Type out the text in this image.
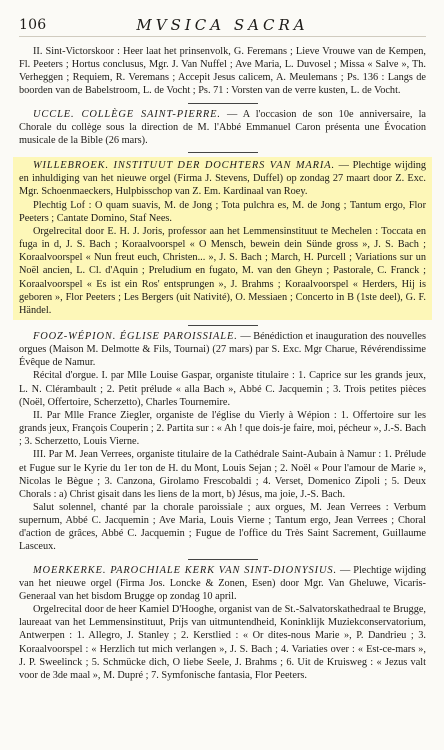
106	MVSICA SACRA

II. Sint-Victorskoor : Heer laat het prinsenvolk, G. Feremans ; Lieve Vrouwe van de Kempen, Fl. Peeters ; Hortus conclusus, Mgr. J. Van Nuffel ; Ave Maria, L. Duvosel ; Missa « Salve », Th. Verheggen ; Requiem, R. Veremans ; Accepit Jesus calicem, A. Meulemans ; Ps. 136 : Langs de boorden van de Babelstroom, L. de Vocht ; Ps. 71 : Vorsten van de verre kusten, L. de Vocht.

UCCLE. COLLÈGE SAINT-PIERRE. — A l'occasion de son 10e anniversaire, la Chorale du collège sous la direction de M. l'Abbé Emmanuel Caron présenta une Évocation musicale de la Bible (26 mars).

WILLEBROEK. INSTITUUT DER DOCHTERS VAN MARIA. — Plechtige wijding en inhuldiging van het nieuwe orgel (Firma J. Stevens, Duffel) op zondag 27 maart door Z. Exc. Mgr. Schoenmaeckers, Hulpbisschop van Z. Em. Kardinaal van Roey.

Plechtig Lof : O quam suavis, M. de Jong ; Tota pulchra es, M. de Jong ; Tantum ergo, Flor Peeters ; Cantate Domino, Staf Nees.

Orgelrecital door E. H. J. Joris, professor aan het Lemmensinstituut te Mechelen : Toccata en fuga in d, J. S. Bach ; Koraalvoorspel « O Mensch, bewein dein Sünde gross », J. S. Bach ; Koraalvoorspel « Nun freut euch, Christen... », J. S. Bach ; March, H. Purcell ; Variations sur un Noël ancien, L. Cl. d'Aquin ; Preludium en fugato, M. van den Gheyn ; Pastorale, C. Franck ; Koraalvoorspel « Es ist ein Ros' entsprungen », J. Brahms ; Koraalvoorspel « Herders, Hij is geboren », Flor Peeters ; Les Bergers (uit Nativité), O. Messiaen ; Concerto in B (1ste deel), G. F. Händel.

FOOZ-WÉPION. ÉGLISE PAROISSIALE. — Bénédiction et inauguration des nouvelles orgues (Maison M. Delmotte & Fils, Tournai) (27 mars) par S. Exc. Mgr Charue, Révérendissime Évêque de Namur.

Récital d'orgue. I. par Mlle Louise Gaspar, organiste titulaire : 1. Caprice sur les grands jeux, L. N. Clérambault ; 2. Petit prélude « alla Bach », Abbé C. Jacquemin ; 3. Trois petites pièces (Noël, Offertoire, Scherzetto), Charles Tournemire.

II. Par Mlle France Ziegler, organiste de l'église du Vierly à Wépion : 1. Offertoire sur les grands jeux, François Couperin ; 2. Partita sur : « Ah ! que dois-je faire, moi, pécheur », J.-S. Bach ; 3. Scherzetto, Louis Vierne.

III. Par M. Jean Verrees, organiste titulaire de la Cathédrale Saint-Aubain à Namur : 1. Prélude et Fugue sur le Kyrie du 1er ton de H. du Mont, Louis Sejan ; 2. Noël « Pour l'amour de Marie », Nicolas le Bègue ; 3. Canzona, Girolamo Frescobaldi ; 4. Verset, Domenico Zipoli ; 5. Deux Chorals : a) Christ gisait dans les liens de la mort, b) Jésus, ma joie, J.-S. Bach.

Salut solennel, chanté par la chorale paroissiale ; aux orgues, M. Jean Verrees : Verbum supernum, Abbé C. Jacquemin ; Ave Maria, Louis Vierne ; Tantum ergo, Jean Verrees ; Choral d'action de grâces, Abbé C. Jacquemin ; Fugue de l'office du Très Saint Sacrement, Guillaume Lasceux.

MOERKERKE. PAROCHIALE KERK VAN SINT-DIONYSIUS. — Plechtige wijding van het nieuwe orgel (Firma Jos. Loncke & Zonen, Esen) door Mgr. Van Gheluwe, Vicaris-Generaal van het bisdom Brugge op zondag 10 april.

Orgelrecital door de heer Kamiel D'Hooghe, organist van de St.-Salvatorskathedraal te Brugge, laureaat van het Lemmensinstituut, Prijs van uitmuntendheid, Koninklijk Muziekconservatorium, Antwerpen : 1. Allegro, J. Stanley ; 2. Kerstlied : « Or dites-nous Marie », P. Dandrieu ; 3. Koraalvoorspel : « Herzlich tut mich verlangen », J. S. Bach ; 4. Variaties over : « Est-ce-mars », J. P. Sweelinck ; 5. Schmücke dich, O liebe Seele, J. Brahms ; 6. Uit de Kruisweg : « Jezus valt voor de 3de maal », M. Dupré ; 7. Symfonische fantasia, Flor Peeters.
